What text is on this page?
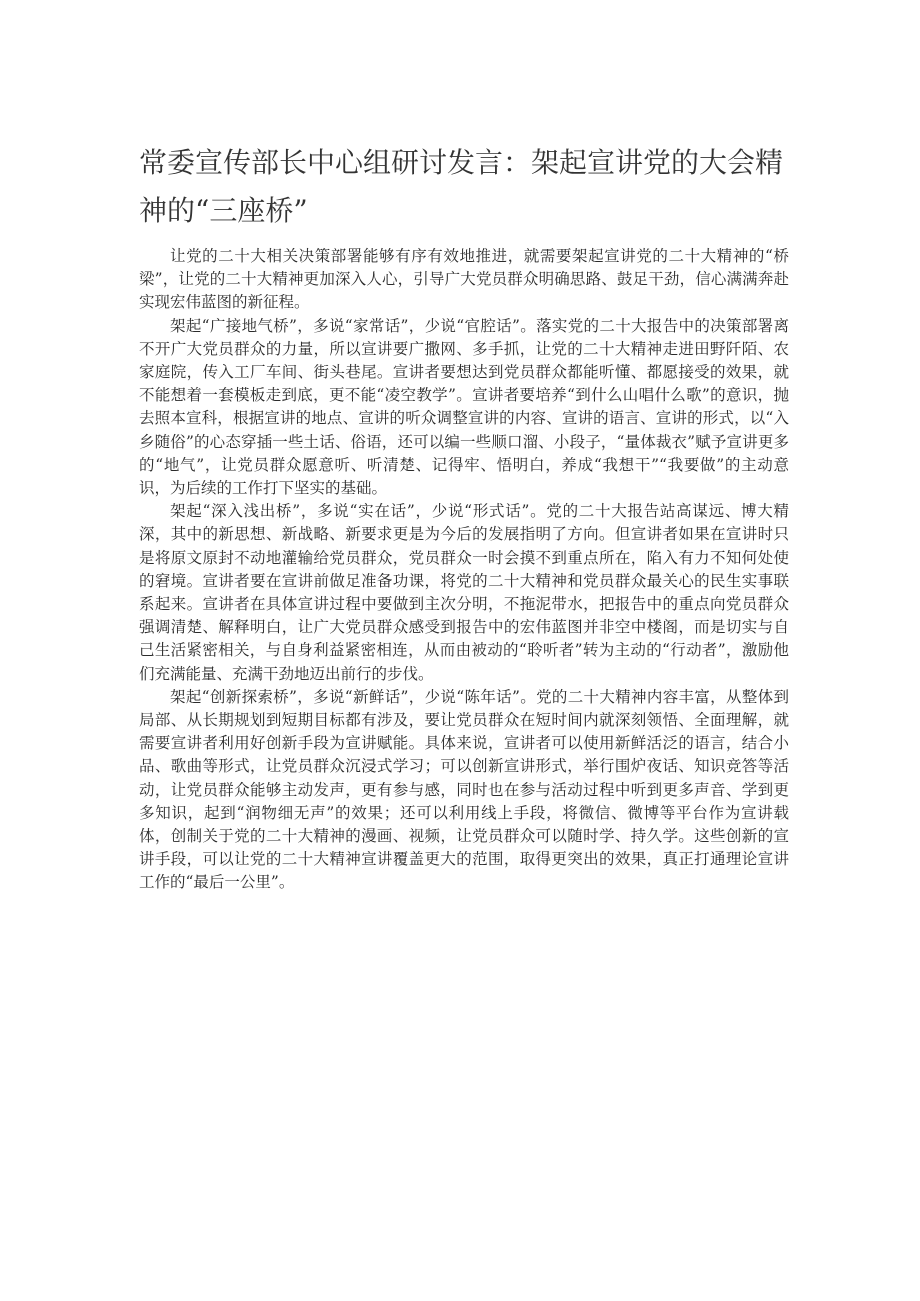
常委宣传部长中心组研讨发言：架起宣讲党的大会精神的“三座桥”

让党的二十大相关决策部署能够有序有效地推进，就需要架起宣讲党的二十大精神的“桥梁”，让党的二十大精神更加深入人心，引导广大党员群众明确思路、鼓足干劲，信心满满奔赴实现宏伟蓝图的新征程。

架起“广接地气桥”，多说“家常话”，少说“官腔话”。落实党的二十大报告中的决策部署离不开广大党员群众的力量，所以宣讲要广撒网、多手抓，让党的二十大精神走进田野阡陌、农家庭院，传入工厂车间、街头巷尾。宣讲者要想达到党员群众都能听懂、都愿接受的效果，就不能想着一套模板走到底，更不能“凌空教学”。宣讲者要培养“到什么山唱什么歌”的意识，抛去照本宣科，根据宣讲的地点、宣讲的听众调整宣讲的内容、宣讲的语言、宣讲的形式，以“入乡随俗”的心态穿插一些土话、俗语，还可以编一些顺口溜、小段子，“量体裁衣”赋予宣讲更多的“地气”，让党员群众愿意听、听清楚、记得牢、悟明白，养成“我想干”“我要做”的主动意识，为后续的工作打下坚实的基础。

架起“深入浅出桥”，多说“实在话”，少说“形式话”。党的二十大报告站高谋远、博大精深，其中的新思想、新战略、新要求更是为今后的发展指明了方向。但宣讲者如果在宣讲时只是将原文原封不动地灌输给党员群众，党员群众一时会摸不到重点所在，陷入有力不知何处使的窘境。宣讲者要在宣讲前做足准备功课，将党的二十大精神和党员群众最关心的民生实事联系起来。宣讲者在具体宣讲过程中要做到主次分明，不拖泥带水，把报告中的重点向党员群众强调清楚、解释明白，让广大党员群众感受到报告中的宏伟蓝图并非空中楼阁，而是切实与自己生活紧密相关，与自身利益紧密相连，从而由被动的“聆听者”转为主动的“行动者”，激励他们充满能量、充满干劲地迈出前行的步伐。

架起“创新探索桥”，多说“新鲜话”，少说“陈年话”。党的二十大精神内容丰富，从整体到局部、从长期规划到短期目标都有涉及，要让党员群众在短时间内就深刻领悟、全面理解，就需要宣讲者利用好创新手段为宣讲赋能。具体来说，宣讲者可以使用新鲜活泛的语言，结合小品、歌曲等形式，让党员群众沉浸式学习；可以创新宣讲形式，举行围炉夜话、知识竞答等活动，让党员群众能够主动发声，更有参与感，同时也在参与活动过程中听到更多声音、学到更多知识，起到“润物细无声”的效果；还可以利用线上手段，将微信、微博等平台作为宣讲载体，创制关于党的二十大精神的漫画、视频，让党员群众可以随时学、持久学。这些创新的宣讲手段，可以让党的二十大精神宣讲覆盖更大的范围，取得更突出的效果，真正打通理论宣讲工作的“最后一公里”。
